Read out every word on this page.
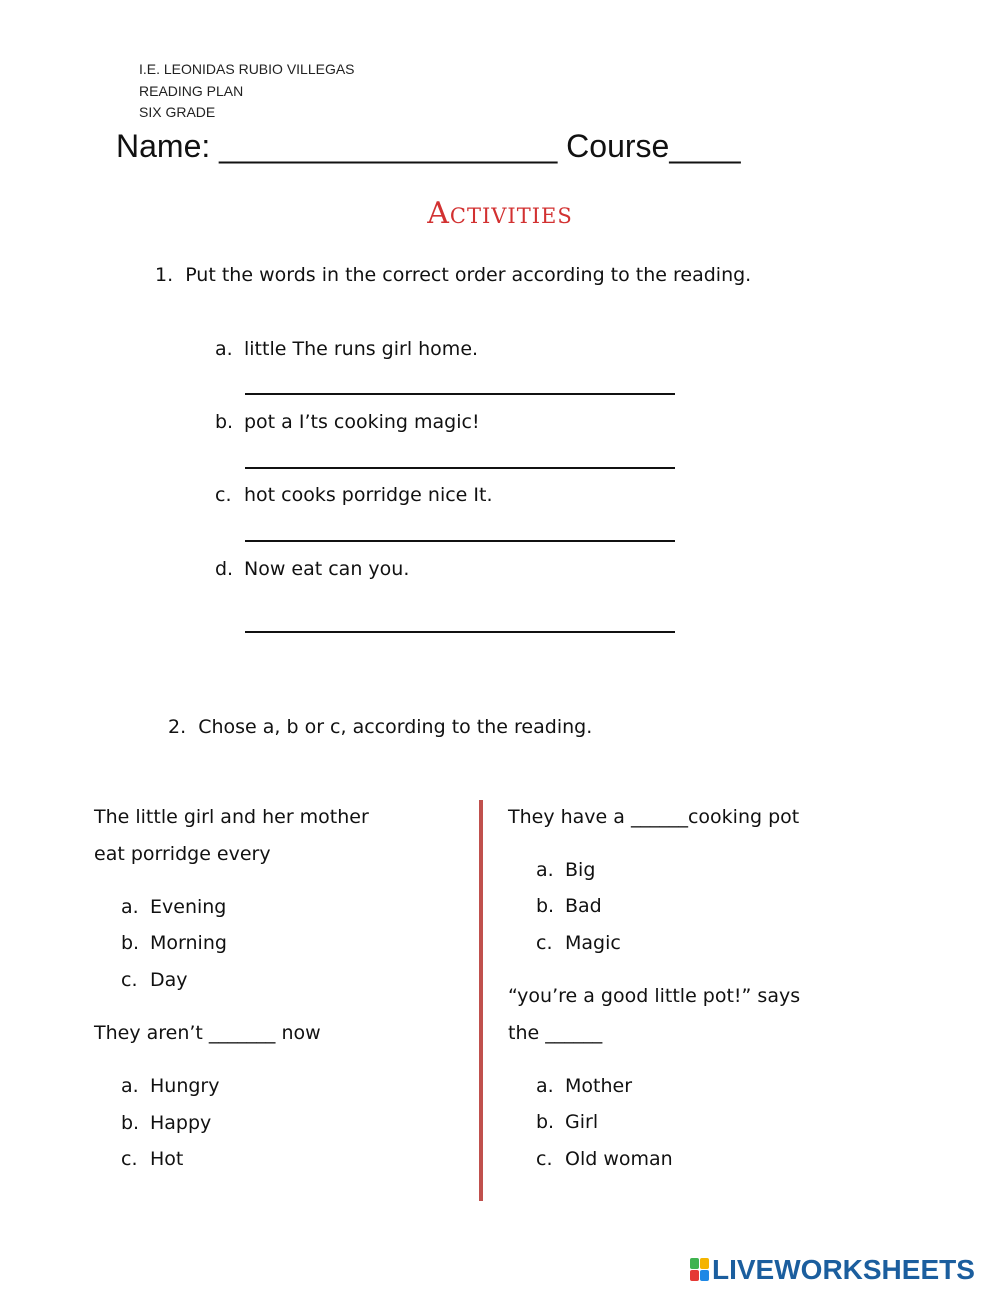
I.E. LEONIDAS RUBIO VILLEGAS
READING PLAN
SIX GRADE
Name: ___________________ Course____
Activities
1. Put the words in the correct order according to the reading.
a. little The runs girl home.
b. pot a I’ts cooking magic!
c. hot cooks porridge nice It.
d. Now eat can you.
2. Chose a, b or c, according to the reading.
The little girl and her mother
eat porridge every
a. Evening
b. Morning
c. Day
They aren’t _______ now
a. Hungry
b. Happy
c. Hot
They have a ______cooking pot
a. Big
b. Bad
c. Magic
“you’re a good little pot!” says
the ______
a. Mother
b. Girl
c. Old woman
LIVEWORKSHEETS
